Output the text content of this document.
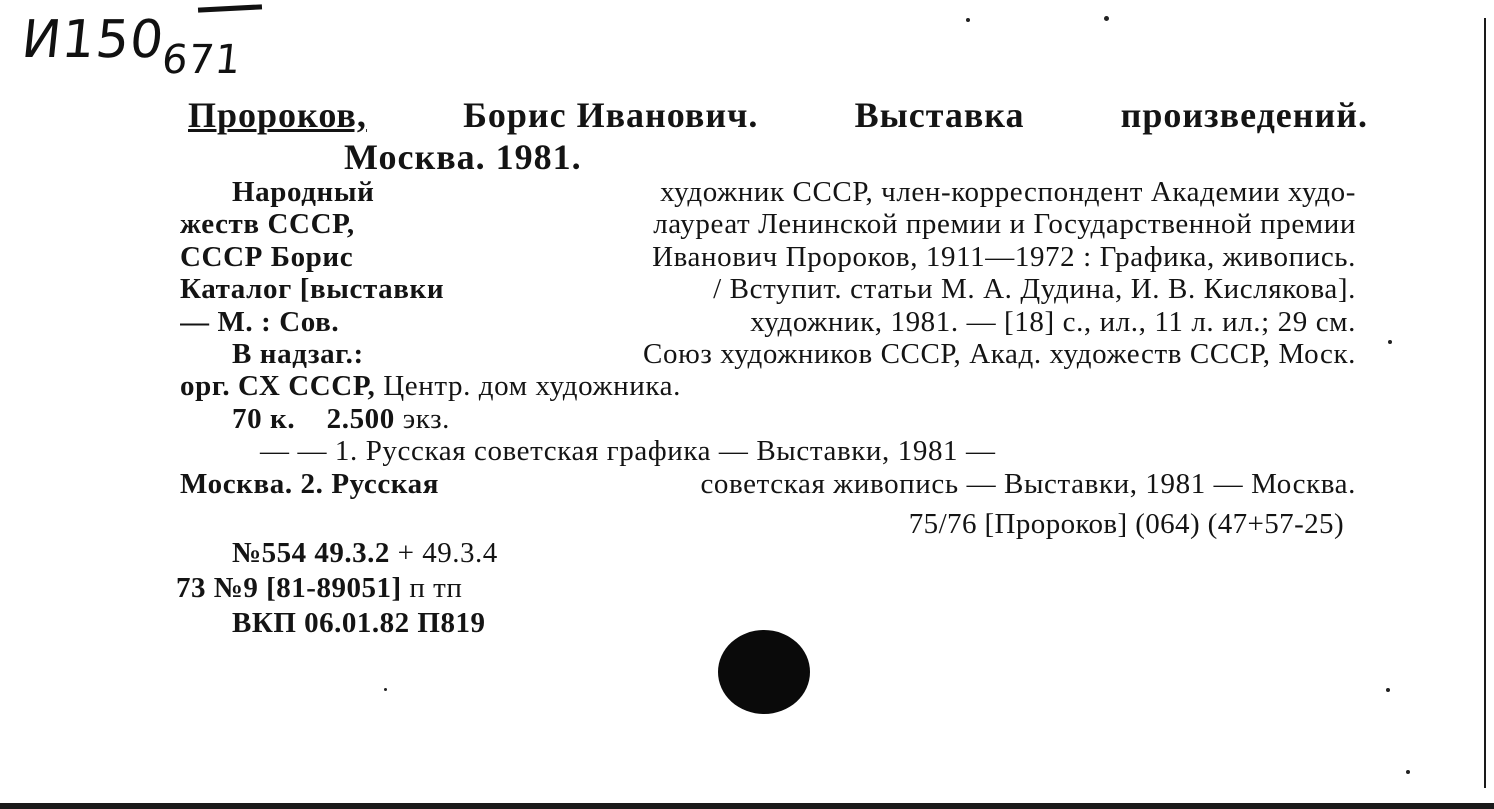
$И150_{671}$
Пророков,	Борис Иванович.	Выставка	произведений.
Москва. 1981.
Народный
	художник СССР, член-корреспондент Академии худо-
жеств СССР,
	лауреат Ленинской премии и Государственной премии
СССР Борис
	Иванович Пророков, 1911—1972 : Графика, живопись.
Каталог [выставки
	/ Вступит. статьи М. А. Дудина, И. В. Кислякова].
— М. : Сов.
	художник, 1981. — [18] с., ил., 11 л. ил.; 29 см.
В надзаг.:
	Союз художников СССР, Акад. художеств СССР, Моск.
орг. СХ СССР,
Центр. дом художника.
70 к.
2.500
экз.
— — 1. Русская советская графика — Выставки, 1981 —
Москва. 2. Русская
	советская живопись — Выставки, 1981 — Москва.
75/76 [Пророков] (064) (47+57-25)
№554 49.3.2 + 49.3.4
73 №9 [81-89051] п тп
ВКП 06.01.82 П819
